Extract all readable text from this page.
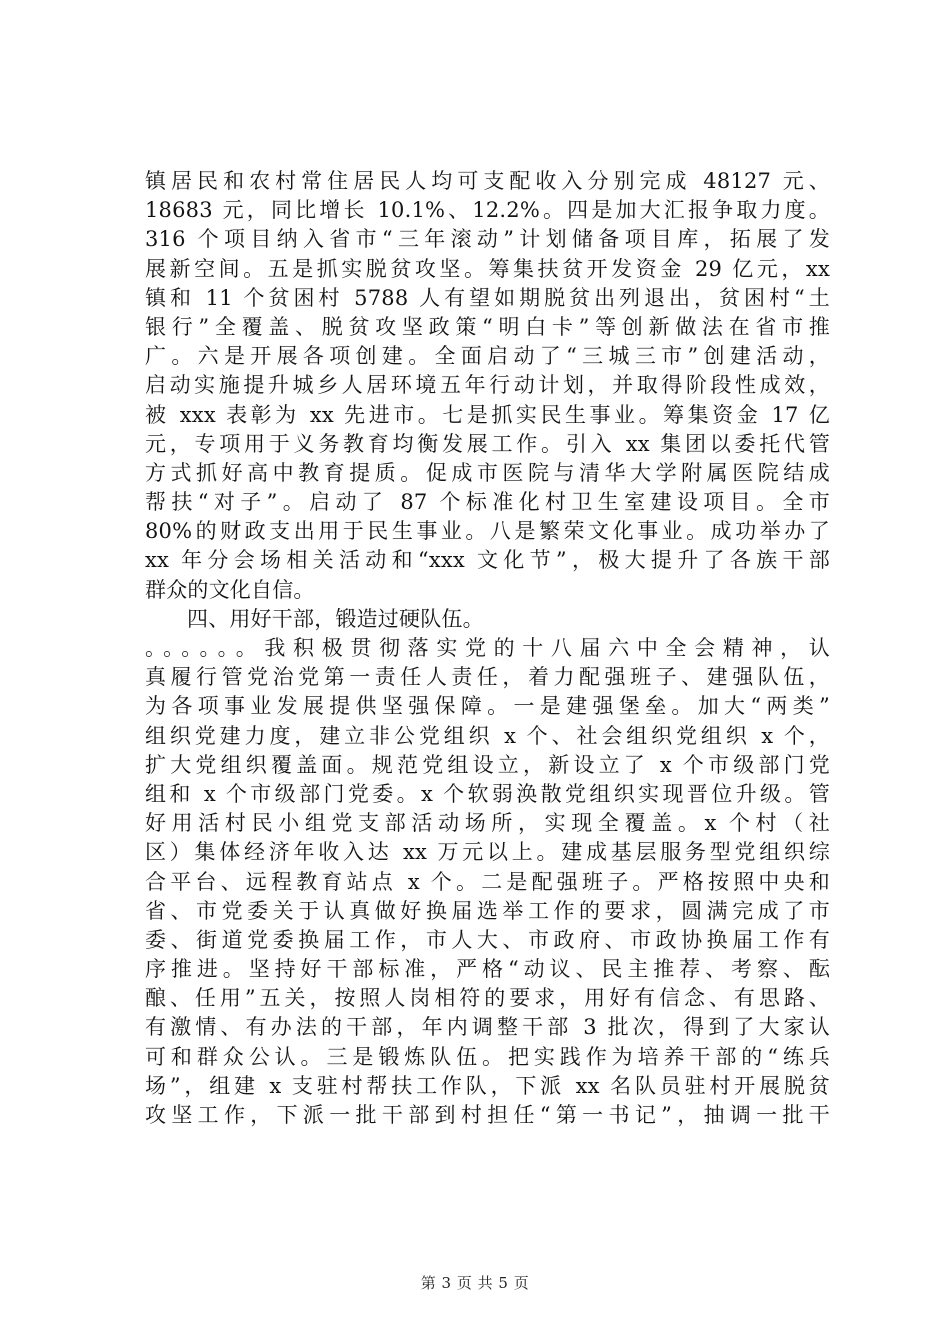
镇居民和农村常住居民人均可支配收入分别完成 48127 元、
18683 元，同比增长 10.1%、12.2%。四是加大汇报争取力度。
316 个项目纳入省市“三年滚动”计划储备项目库，拓展了发
展新空间。五是抓实脱贫攻坚。筹集扶贫开发资金 29 亿元，xx
镇和 11 个贫困村 5788 人有望如期脱贫出列退出，贫困村“土
银行”全覆盖、脱贫攻坚政策“明白卡”等创新做法在省市推
广。六是开展各项创建。全面启动了“三城三市”创建活动，
启动实施提升城乡人居环境五年行动计划，并取得阶段性成效，
被 xxx 表彰为 xx 先进市。七是抓实民生事业。筹集资金 17 亿
元，专项用于义务教育均衡发展工作。引入 xx 集团以委托代管
方式抓好高中教育提质。促成市医院与清华大学附属医院结成
帮扶“对子”。启动了 87 个标准化村卫生室建设项目。全市
80%的财政支出用于民生事业。八是繁荣文化事业。成功举办了
xx 年分会场相关活动和“xxx 文化节”，极大提升了各族干部
群众的文化自信。
四、用好干部，锻造过硬队伍。
。。。。。。我积极贯彻落实党的十八届六中全会精神，认
真履行管党治党第一责任人责任，着力配强班子、建强队伍，
为各项事业发展提供坚强保障。一是建强堡垒。加大“两类”
组织党建力度，建立非公党组织 x 个、社会组织党组织 x 个，
扩大党组织覆盖面。规范党组设立，新设立了 x 个市级部门党
组和 x 个市级部门党委。x 个软弱涣散党组织实现晋位升级。管
好用活村民小组党支部活动场所，实现全覆盖。x 个村（社
区）集体经济年收入达 xx 万元以上。建成基层服务型党组织综
合平台、远程教育站点 x 个。二是配强班子。严格按照中央和
省、市党委关于认真做好换届选举工作的要求，圆满完成了市
委、街道党委换届工作，市人大、市政府、市政协换届工作有
序推进。坚持好干部标准，严格“动议、民主推荐、考察、酝
酿、任用”五关，按照人岗相符的要求，用好有信念、有思路、
有激情、有办法的干部，年内调整干部 3 批次，得到了大家认
可和群众公认。三是锻炼队伍。把实践作为培养干部的“练兵
场”，组建 x 支驻村帮扶工作队，下派 xx 名队员驻村开展脱贫
攻坚工作，下派一批干部到村担任“第一书记”，抽调一批干
第 3 页 共 5 页
